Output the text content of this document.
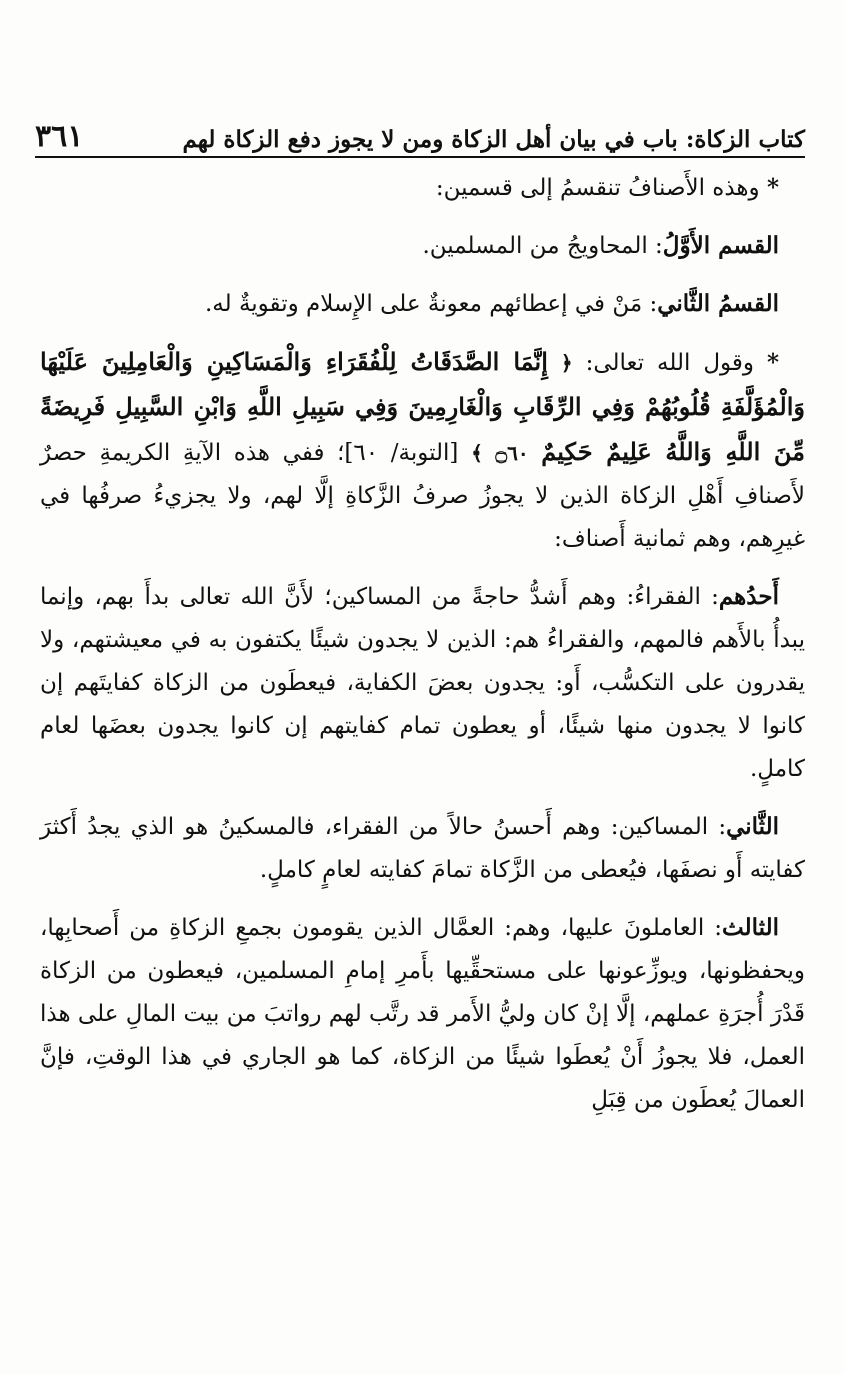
كتاب الزكاة: باب في بيان أهل الزكاة ومن لا يجوز دفع الزكاة لهم
٣٦١

* وهذه الأَصنافُ تنقسمُ إلى قسمين:

القسم الأَوَّلُ: المحاويجُ من المسلمين.

القسمُ الثَّاني: مَنْ في إعطائهم معونةٌ على الإِسلام وتقويةٌ له.

* وقول الله تعالى: ﴿ إِنَّمَا الصَّدَقَاتُ لِلْفُقَرَاءِ وَالْمَسَاكِينِ وَالْعَامِلِينَ عَلَيْهَا وَالْمُؤَلَّفَةِ قُلُوبُهُمْ وَفِي الرِّقَابِ وَالْغَارِمِينَ وَفِي سَبِيلِ اللَّهِ وَابْنِ السَّبِيلِ فَرِيضَةً مِّنَ اللَّهِ وَاللَّهُ عَلِيمٌ حَكِيمٌ ۝٦٠ ﴾ [التوبة/ ٦٠]؛ ففي هذه الآيةِ الكريمةِ حصرٌ لأَصنافِ أَهْلِ الزكاة الذين لا يجوزُ صرفُ الزَّكاةِ إلَّا لهم، ولا يجزيءُ صرفُها في غيرِهم، وهم ثمانية أَصناف:

أَحدُهم: الفقراءُ: وهم أَشدُّ حاجةً من المساكين؛ لأَنَّ الله تعالى بدأَ بهم، وإنما يبدأُ بالأَهم فالمهم، والفقراءُ هم: الذين لا يجدون شيئًا يكتفون به في معيشتهم، ولا يقدرون على التكسُّب، أَو: يجدون بعضَ الكفاية، فيعطَون من الزكاة كفايتَهم إن كانوا لا يجدون منها شيئًا، أو يعطون تمام كفايتهم إن كانوا يجدون بعضَها لعام كاملٍ.

الثَّاني: المساكين: وهم أَحسنُ حالاً من الفقراء، فالمسكينُ هو الذي يجدُ أَكثرَ كفايته أَو نصفَها، فيُعطى من الزَّكاة تمامَ كفايته لعامٍ كاملٍ.

الثالث: العاملونَ عليها، وهم: العمَّال الذين يقومون بجمعِ الزكاةِ من أَصحابِها، ويحفظونها، ويوزِّعونها على مستحقِّيها بأَمرِ إمامِ المسلمين، فيعطون من الزكاة قَدْرَ أُجرَةِ عملهم، إلَّا إنْ كان وليُّ الأَمر قد رتَّب لهم رواتبَ من بيت المالِ على هذا العمل، فلا يجوزُ أَنْ يُعطَوا شيئًا من الزكاة، كما هو الجاري في هذا الوقتِ، فإنَّ العمالَ يُعطَون من قِبَلِ
